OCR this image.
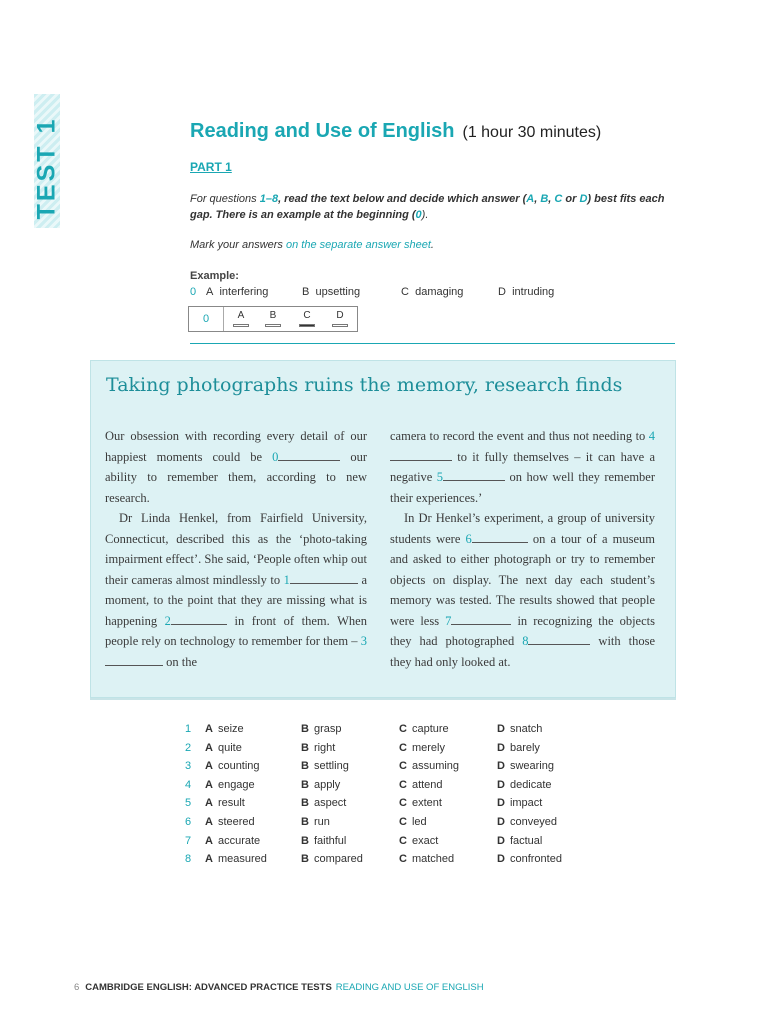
TEST 1	Reading and Use of English (1 hour 30 minutes)
PART 1
For questions 1–8, read the text below and decide which answer (A, B, C or D) best fits each gap. There is an example at the beginning (0).
Mark your answers on the separate answer sheet.
Example:
0 A interfering	B upsetting	C damaging	D intruding
0	A	B	C	D
Taking photographs ruins the memory, research finds

Our obsession with recording every detail of our happiest moments could be 0	our ability to remember them, according to new research.

Dr Linda Henkel, from Fairfield University, Connecticut, described this as the ‘photo-taking impairment effect’. She said, ‘People often whip out their cameras almost mindlessly to 1	a moment, to the point that they are missing what is happening 2	in front of them. When people rely on technology to remember for them – 3 on the

camera to record the event and thus not needing to 4 to it fully themselves – it can have a negative 5	on how well they remember their experiences.’

In Dr Henkel’s experiment, a group of university students were 6	on a tour of a museum and asked to either photograph or try to remember objects on display. The next day each student’s memory was tested. The results showed that people were less 7	in recognizing the objects they had photographed 8	with those they had only looked at.

1 A seize	B grasp	C capture	D snatch
2 A quite	B right	C merely	D barely
3 A counting	B settling	C assuming	D swearing
4 A engage	B apply	C attend	D dedicate
5 A result	B aspect	C extent	D impact
6 A steered	B run	C led	D conveyed
7 A accurate	B faithful	C exact	D factual
8 A measured	B compared	C matched	D confronted
6 CAMBRIDGE ENGLISH: ADVANCED PRACTICE TESTS READING AND USE OF ENGLISH
